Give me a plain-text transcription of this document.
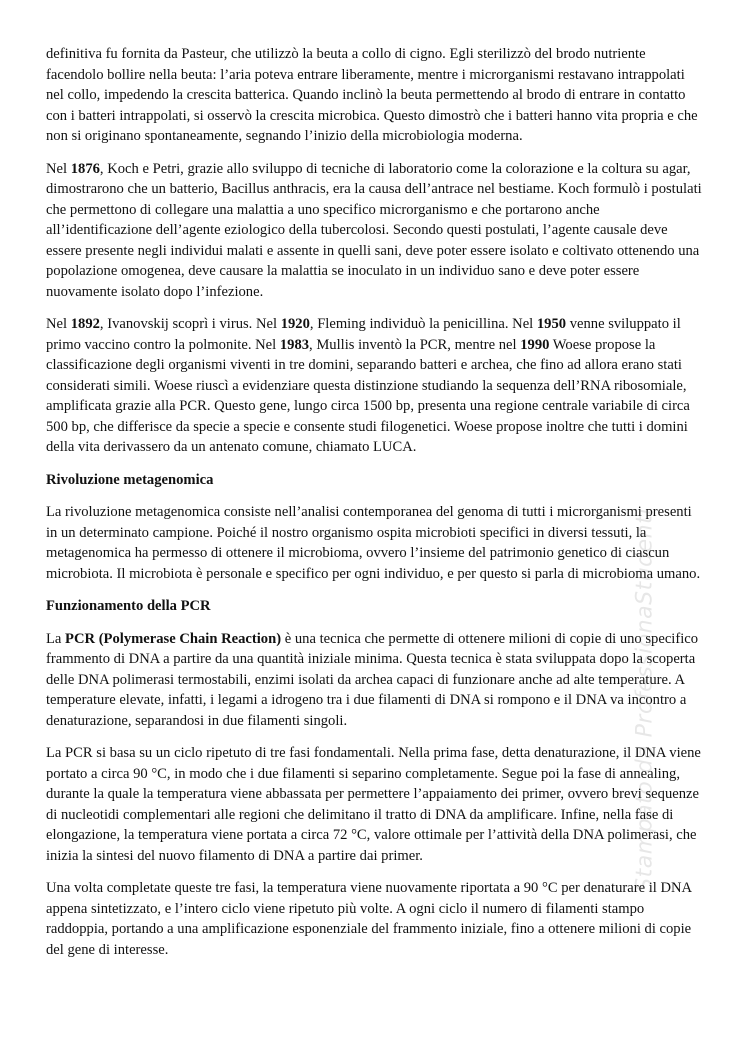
definitiva fu fornita da Pasteur, che utilizzò la beuta a collo di cigno. Egli sterilizzò del brodo nutriente facendolo bollire nella beuta: l’aria poteva entrare liberamente, mentre i microrganismi restavano intrappolati nel collo, impedendo la crescita batterica. Quando inclinò la beuta permettendo al brodo di entrare in contatto con i batteri intrappolati, si osservò la crescita microbica. Questo dimostrò che i batteri hanno vita propria e che non si originano spontaneamente, segnando l’inizio della microbiologia moderna.

Nel 1876, Koch e Petri, grazie allo sviluppo di tecniche di laboratorio come la colorazione e la coltura su agar, dimostrarono che un batterio, Bacillus anthracis, era la causa dell’antrace nel bestiame. Koch formulò i postulati che permettono di collegare una malattia a uno specifico microrganismo e che portarono anche all’identificazione dell’agente eziologico della tubercolosi. Secondo questi postulati, l’agente causale deve essere presente negli individui malati e assente in quelli sani, deve poter essere isolato e coltivato ottenendo una popolazione omogenea, deve causare la malattia se inoculato in un individuo sano e deve poter essere nuovamente isolato dopo l’infezione.

Nel 1892, Ivanovskij scoprì i virus. Nel 1920, Fleming individuò la penicillina. Nel 1950 venne sviluppato il primo vaccino contro la polmonite. Nel 1983, Mullis inventò la PCR, mentre nel 1990 Woese propose la classificazione degli organismi viventi in tre domini, separando batteri e archea, che fino ad allora erano stati considerati simili. Woese riuscì a evidenziare questa distinzione studiando la sequenza dell’RNA ribosomiale, amplificata grazie alla PCR. Questo gene, lungo circa 1500 bp, presenta una regione centrale variabile di circa 500 bp, che differisce da specie a specie e consente studi filogenetici. Woese propose inoltre che tutti i domini della vita derivassero da un antenato comune, chiamato LUCA.

Rivoluzione metagenomica

La rivoluzione metagenomica consiste nell’analisi contemporanea del genoma di tutti i microrganismi presenti in un determinato campione. Poiché il nostro organismo ospita microbioti specifici in diversi tessuti, la metagenomica ha permesso di ottenere il microbioma, ovvero l’insieme del patrimonio genetico di ciascun microbiota. Il microbiota è personale e specifico per ogni individuo, e per questo si parla di microbioma umano.

Funzionamento della PCR

La PCR (Polymerase Chain Reaction) è una tecnica che permette di ottenere milioni di copie di uno specifico frammento di DNA a partire da una quantità iniziale minima. Questa tecnica è stata sviluppata dopo la scoperta delle DNA polimerasi termostabili, enzimi isolati da archea capaci di funzionare anche ad alte temperature. A temperature elevate, infatti, i legami a idrogeno tra i due filamenti di DNA si rompono e il DNA va incontro a denaturazione, separandosi in due filamenti singoli.

La PCR si basa su un ciclo ripetuto di tre fasi fondamentali. Nella prima fase, detta denaturazione, il DNA viene portato a circa 90 °C, in modo che i due filamenti si separino completamente. Segue poi la fase di annealing, durante la quale la temperatura viene abbassata per permettere l’appaiamento dei primer, ovvero brevi sequenze di nucleotidi complementari alle regioni che delimitano il tratto di DNA da amplificare. Infine, nella fase di elongazione, la temperatura viene portata a circa 72 °C, valore ottimale per l’attività della DNA polimerasi, che inizia la sintesi del nuovo filamento di DNA a partire dai primer.

Una volta completate queste tre fasi, la temperatura viene nuovamente riportata a 90 °C per denaturare il DNA appena sintetizzato, e l’intero ciclo viene ripetuto più volte. A ogni ciclo il numero di filamenti stampo raddoppia, portando a una amplificazione esponenziale del frammento iniziale, fino a ottenere milioni di copie del gene di interesse.

Stampato da ProfessionaStudenti
